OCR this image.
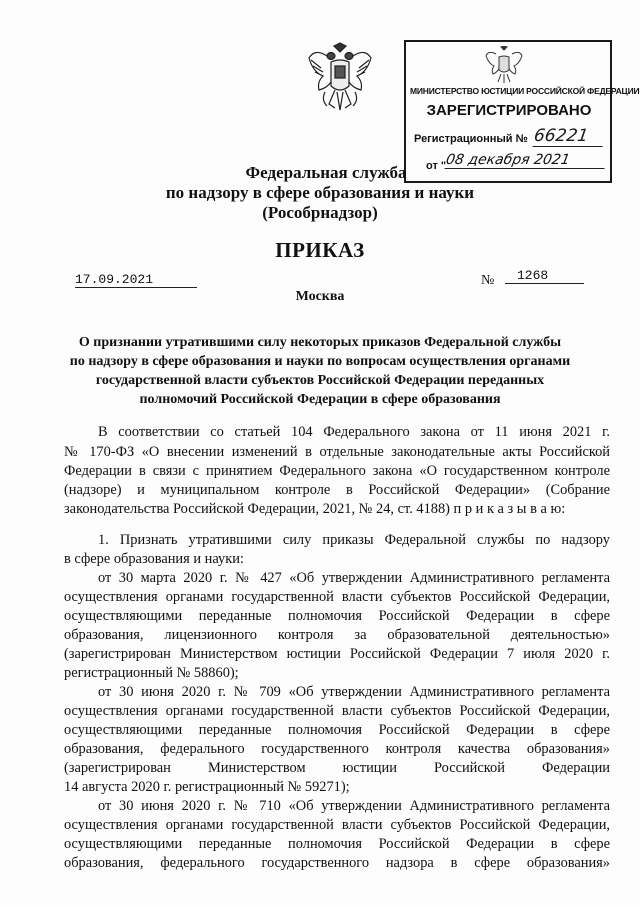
МИНИСТЕРСТВО ЮСТИЦИИ РОССИЙСКОЙ ФЕДЕРАЦИИ
ЗАРЕГИСТРИРОВАНО
Регистрационный № 66221
от "
08 декабря 2021
Федеральная служба
по надзору в сфере образования и науки
(Рособрнадзор)
ПРИКАЗ
17.09.2021	№	1268
Москва
О признании утратившими силу некоторых приказов Федеральной службы
по надзору в сфере образования и науки по вопросам осуществления органами
государственной власти субъектов Российской Федерации переданных
полномочий Российской Федерации в сфере образования
В соответствии со статьей 104 Федерального закона от 11 июня 2021 г.
№ 170-ФЗ «О внесении изменений в отдельные законодательные акты Российской
Федерации в связи с принятием Федерального закона «О государственном контроле
(надзоре) и муниципальном контроле в Российской Федерации» (Собрание
законодательства Российской Федерации, 2021, № 24, ст. 4188) п р и к а з ы в а ю:
1. Признать утратившими силу приказы Федеральной службы по надзору
в сфере образования и науки:
от 30 марта 2020 г. № 427 «Об утверждении Административного регламента
осуществления органами государственной власти субъектов Российской Федерации,
осуществляющими переданные полномочия Российской Федерации в сфере
образования, лицензионного контроля за образовательной деятельностью»
(зарегистрирован Министерством юстиции Российской Федерации 7 июля 2020 г.
регистрационный № 58860);
от 30 июня 2020 г. № 709 «Об утверждении Административного регламента
осуществления органами государственной власти субъектов Российской Федерации,
осуществляющими переданные полномочия Российской Федерации в сфере
образования, федерального государственного контроля качества образования»
(зарегистрирован Министерством юстиции Российской Федерации
14 августа 2020 г. регистрационный № 59271);
от 30 июня 2020 г. № 710 «Об утверждении Административного регламента
осуществления органами государственной власти субъектов Российской Федерации,
осуществляющими переданные полномочия Российской Федерации в сфере
образования, федерального государственного надзора в сфере образования»
